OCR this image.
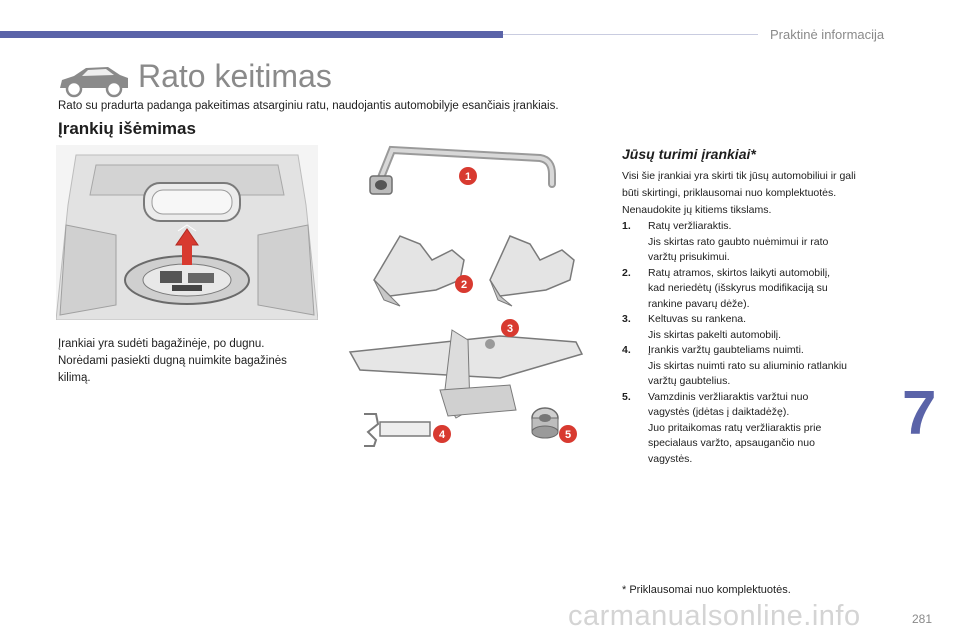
Praktinė informacija
7
Rato keitimas
Rato su pradurta padanga pakeitimas atsarginiu ratu, naudojantis automobilyje esančiais įrankiais.
Įrankių išėmimas
Įrankiai yra sudėti bagažinėje, po dugnu.
Norėdami pasiekti dugną nuimkite bagažinės
kilimą.
1
2
3
4	5
Jūsų turimi įrankiai*
Visi šie įrankiai yra skirti tik jūsų automobiliui ir gali
būti skirtingi, priklausomai nuo komplektuotės.
Nenaudokite jų kitiems tikslams.
1. Ratų veržliaraktis.
Jis skirtas rato gaubto nuėmimui ir rato
varžtų prisukimui.
2. Ratų atramos, skirtos laikyti automobilį,
kad neriedėtų (išskyrus modifikaciją su
rankine pavarų dėže).
3. Keltuvas su rankena.
Jis skirtas pakelti automobilį.
4. Įrankis varžtų gaubteliams nuimti.
Jis skirtas nuimti rato su aliuminio ratlankiu
varžtų gaubtelius.
5. Vamzdinis veržliaraktis varžtui nuo
vagystės (įdėtas į daiktadėžę).
Juo pritaikomas ratų veržliaraktis prie
specialaus varžto, apsaugančio nuo
vagystės.
* Priklausomai nuo komplektuotės.
carmanualsonline.info	281
